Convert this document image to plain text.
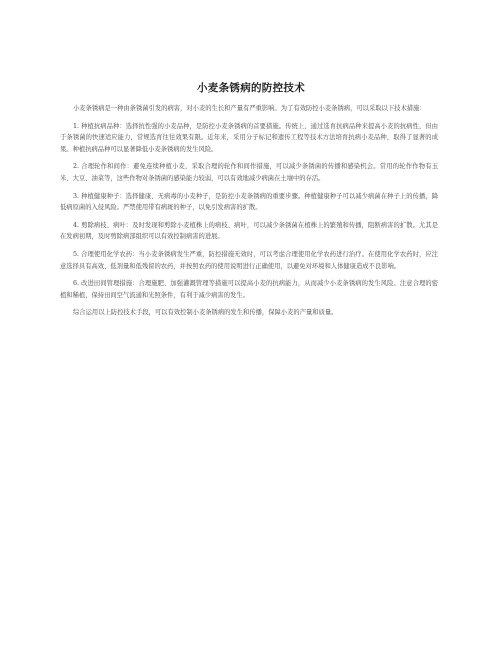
小麦条锈病的防控技术

小麦条锈病是一种由条锈菌引发的病害，对小麦的生长和产量有严重影响。为了有效防控小麦条锈病，可以采取以下技术措施：

1. 种植抗病品种：选择抗性强的小麦品种，是防控小麦条锈病的首要措施。传统上，通过选育抗病品种来提高小麦的抗病性，但由于条锈菌的快速适应能力，常规选育往往效果有限。近年来，采用分子标记和遗传工程等技术方法培育抗病小麦品种，取得了显著的成果。种植抗病品种可以显著降低小麦条锈病的发生风险。

2. 合理轮作和间作：避免连续种植小麦，采取合理的轮作和间作措施，可以减少条锈菌的传播和感染机会。常用的轮作作物有玉米、大豆、油菜等，这些作物对条锈菌的感染能力较弱，可以有效地减少病菌在土壤中的存活。

3. 种植健康种子：选择健康、无病毒的小麦种子，是防控小麦条锈病的重要步骤。种植健康种子可以减少病菌在种子上的传播，降低病原菌的入侵风险。严禁使用带有病斑的种子，以免引发病害的扩散。

4. 剪除病枝、病叶：及时发现和剪除小麦植株上的病枝、病叶，可以减少条锈菌在植株上的繁殖和传播，阻断病害的扩散。尤其是在发病初期，及时剪除病部组织可以有效控制病害的进展。

5. 合理使用化学农药：当小麦条锈病发生严重，防控措施无效时，可以考虑合理使用化学农药进行治疗。在使用化学农药时，应注意选择具有高效、低剂量和低残留的农药，并按照农药的使用说明进行正确使用，以避免对环境和人体健康造成不良影响。

6. 改进田间管理措施：合理施肥、加强灌溉管理等措施可以提高小麦的抗病能力，从而减少小麦条锈病的发生风险。注意合理的密植和稀植，保持田间空气流通和光照条件，有利于减少病害的发生。

综合运用以上防控技术手段，可以有效控制小麦条锈病的发生和传播，保障小麦的产量和质量。
